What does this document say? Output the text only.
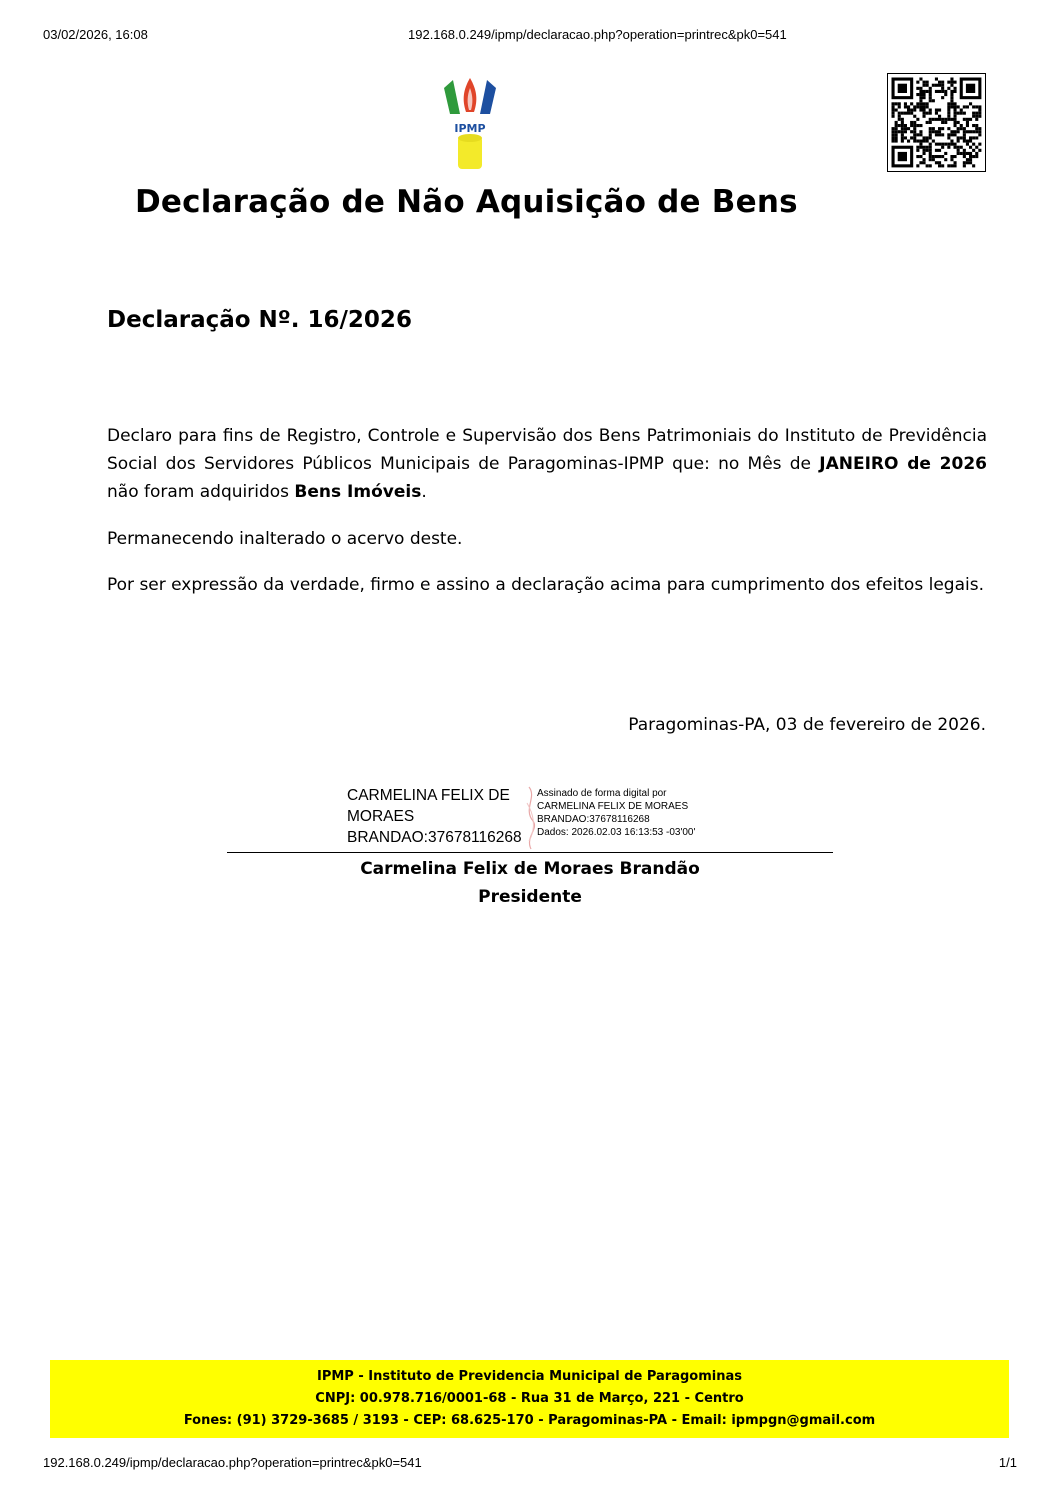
03/02/2026, 16:08	192.168.0.249/ipmp/declaracao.php?operation=printrec&pk0=541
IPMP
Declaração de Não Aquisição de Bens
Declaração Nº. 16/2026
Declaro para fins de Registro, Controle e Supervisão dos Bens Patrimoniais do Instituto de Previdência Social dos Servidores Públicos Municipais de Paragominas-IPMP que: no Mês de JANEIRO de 2026 não foram adquiridos Bens Imóveis.
Permanecendo inalterado o acervo deste.
Por ser expressão da verdade, firmo e assino a declaração acima para cumprimento dos efeitos legais.
Paragominas-PA, 03 de fevereiro de 2026.
CARMELINA FELIX DE
MORAES
BRANDAO:37678116268
Assinado de forma digital por
CARMELINA FELIX DE MORAES
BRANDAO:37678116268
Dados: 2026.02.03 16:13:53 -03'00'
Carmelina Felix de Moraes Brandão
Presidente
IPMP - Instituto de Previdencia Municipal de Paragominas
CNPJ: 00.978.716/0001-68 - Rua 31 de Março, 221 - Centro
Fones: (91) 3729-3685 / 3193 - CEP: 68.625-170 - Paragominas-PA - Email: ipmpgn@gmail.com
192.168.0.249/ipmp/declaracao.php?operation=printrec&pk0=541	1/1
